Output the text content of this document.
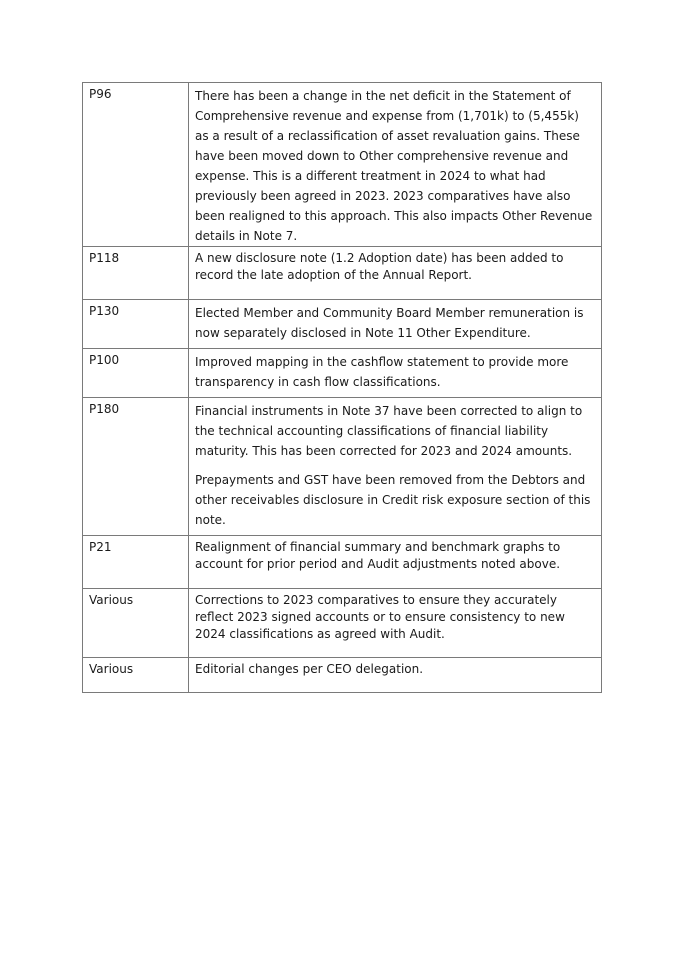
P96	There has been a change in the net deficit in the Statement of Comprehensive revenue and expense from (1,701k) to (5,455k) as a result of a reclassification of asset revaluation gains. These have been moved down to Other comprehensive revenue and expense. This is a different treatment in 2024 to what had previously been agreed in 2023. 2023 comparatives have also been realigned to this approach. This also impacts Other Revenue details in Note 7.

P118	A new disclosure note (1.2 Adoption date) has been added to record the late adoption of the Annual Report.

P130	Elected Member and Community Board Member remuneration is now separately disclosed in Note 11 Other Expenditure.

P100	Improved mapping in the cashflow statement to provide more transparency in cash flow classifications.

P180	Financial instruments in Note 37 have been corrected to align to the technical accounting classifications of financial liability maturity. This has been corrected for 2023 and 2024 amounts.

Prepayments and GST have been removed from the Debtors and other receivables disclosure in Credit risk exposure section of this note.

P21	Realignment of financial summary and benchmark graphs to account for prior period and Audit adjustments noted above.

Various	Corrections to 2023 comparatives to ensure they accurately reflect 2023 signed accounts or to ensure consistency to new 2024 classifications as agreed with Audit.

Various	Editorial changes per CEO delegation.
